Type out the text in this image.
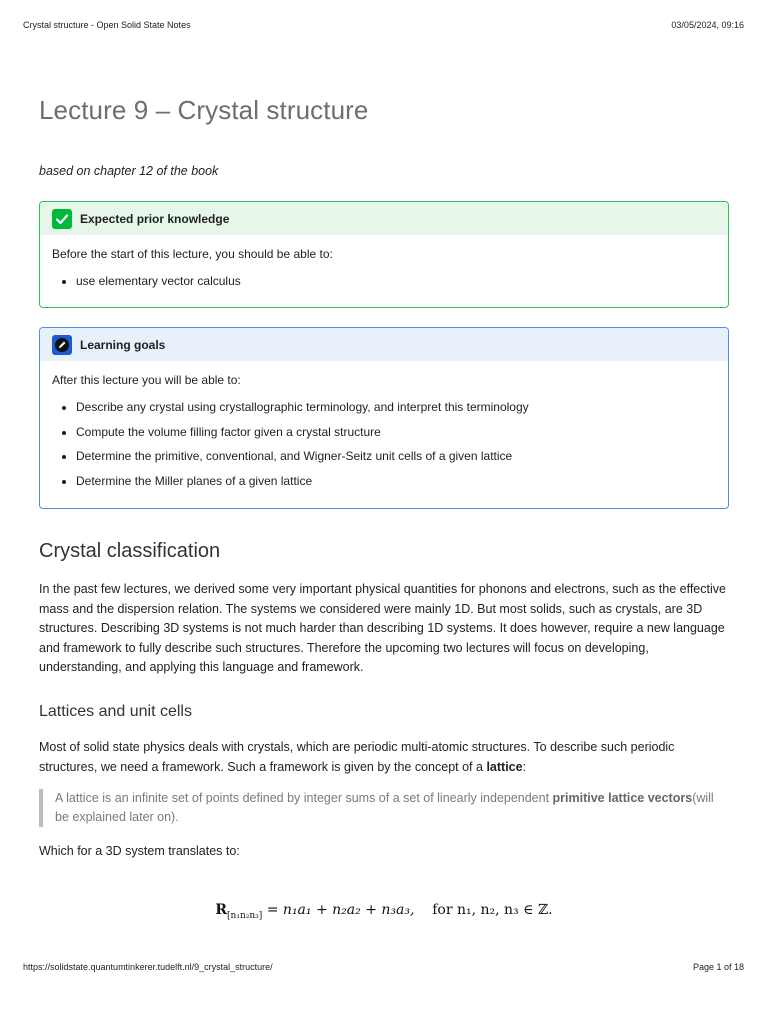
Crystal structure - Open Solid State Notes	03/05/2024, 09:16
Lecture 9 – Crystal structure

based on chapter 12 of the book

Expected prior knowledge

Before the start of this lecture, you should be able to:

• use elementary vector calculus
Learning goals

After this lecture you will be able to:

• Describe any crystal using crystallographic terminology, and interpret this terminology
• Compute the volume filling factor given a crystal structure
• Determine the primitive, conventional, and Wigner-Seitz unit cells of a given lattice
• Determine the Miller planes of a given lattice
Crystal classification

In the past few lectures, we derived some very important physical quantities for phonons and electrons, such as the effective mass and the dispersion relation. The systems we considered were mainly 1D. But most solids, such as crystals, are 3D structures. Describing 3D systems is not much harder than describing 1D systems. It does however, require a new language and framework to fully describe such structures. Therefore the upcoming two lectures will focus on developing, understanding, and applying this language and framework.

Lattices and unit cells

Most of solid state physics deals with crystals, which are periodic multi-atomic structures. To describe such periodic structures, we need a framework. Such a framework is given by the concept of a lattice:

A lattice is an infinite set of points defined by integer sums of a set of linearly independent primitive lattice vectors(will be explained later on).

Which for a 3D system translates to:

$R_{[n_1n_2n_3]} = n_1a_1 + n_2a_2 + n_3a_3$, for n₁, n₂, n₃ ∈ ℤ.
https://solidstate.quantumtinkerer.tudelft.nl/9_crystal_structure/	Page 1 of 18
